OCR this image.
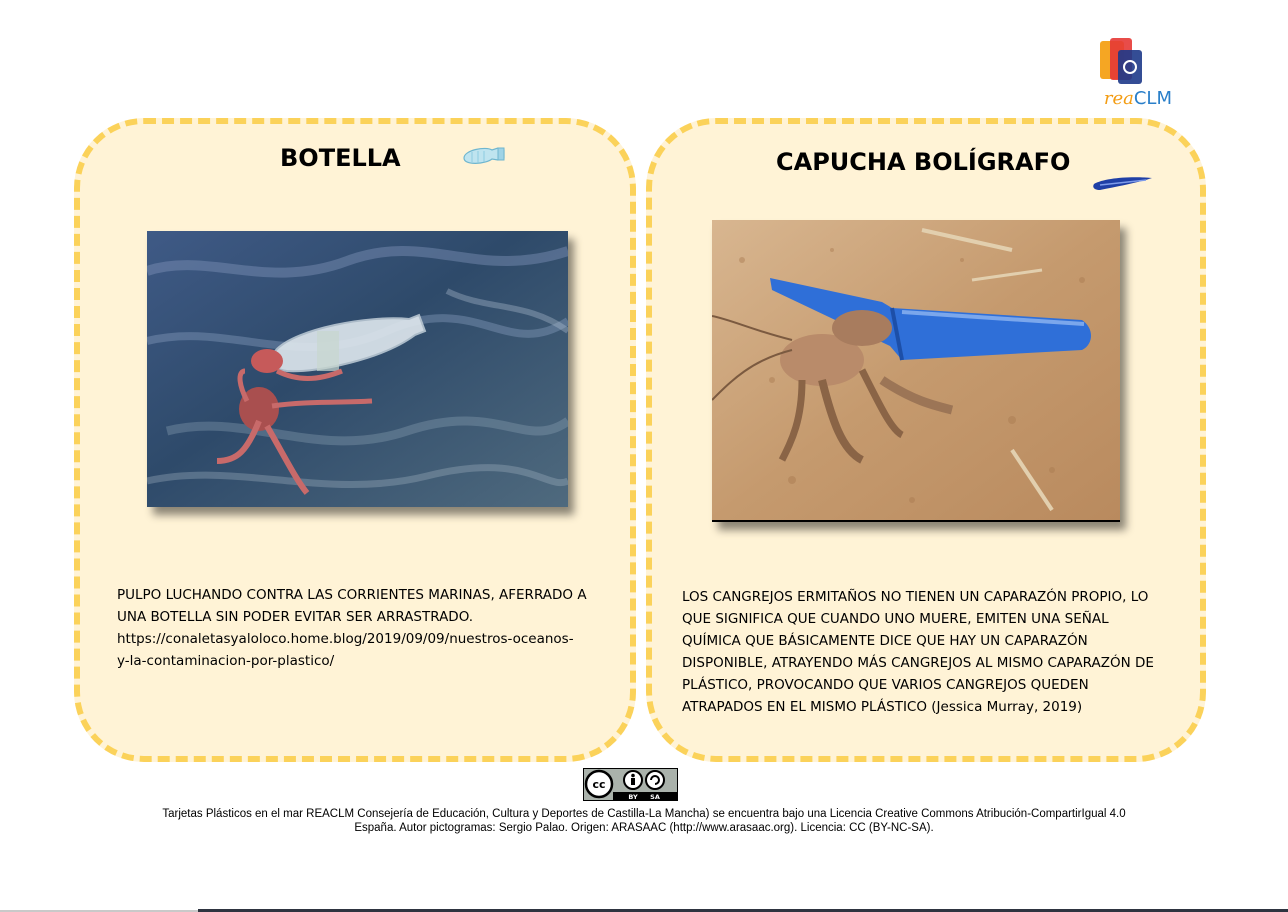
reaCLM
BOTELLA
PULPO LUCHANDO CONTRA LAS CORRIENTES MARINAS, AFERRADO A
UNA BOTELLA SIN PODER EVITAR SER ARRASTRADO.
https://conaletasyaloloco.home.blog/2019/09/09/nuestros-oceanos-
y-la-contaminacion-por-plastico/
CAPUCHA BOLÍGRAFO
LOS CANGREJOS ERMITAÑOS NO TIENEN UN CAPARAZÓN PROPIO, LO
QUE SIGNIFICA QUE CUANDO UNO MUERE, EMITEN UNA SEÑAL
QUÍMICA QUE BÁSICAMENTE DICE QUE HAY UN CAPARAZÓN
DISPONIBLE, ATRAYENDO MÁS CANGREJOS AL MISMO CAPARAZÓN DE
PLÁSTICO, PROVOCANDO QUE VARIOS CANGREJOS QUEDEN
ATRAPADOS EN EL MISMO PLÁSTICO (Jessica Murray, 2019)
cc
BY SA
Tarjetas Plásticos en el mar REACLM Consejería de Educación, Cultura y Deportes de Castilla-La Mancha) se encuentra bajo una Licencia Creative Commons Atribución-CompartirIgual 4.0
España. Autor pictogramas: Sergio Palao. Origen: ARASAAC (http://www.arasaac.org). Licencia: CC (BY-NC-SA).
